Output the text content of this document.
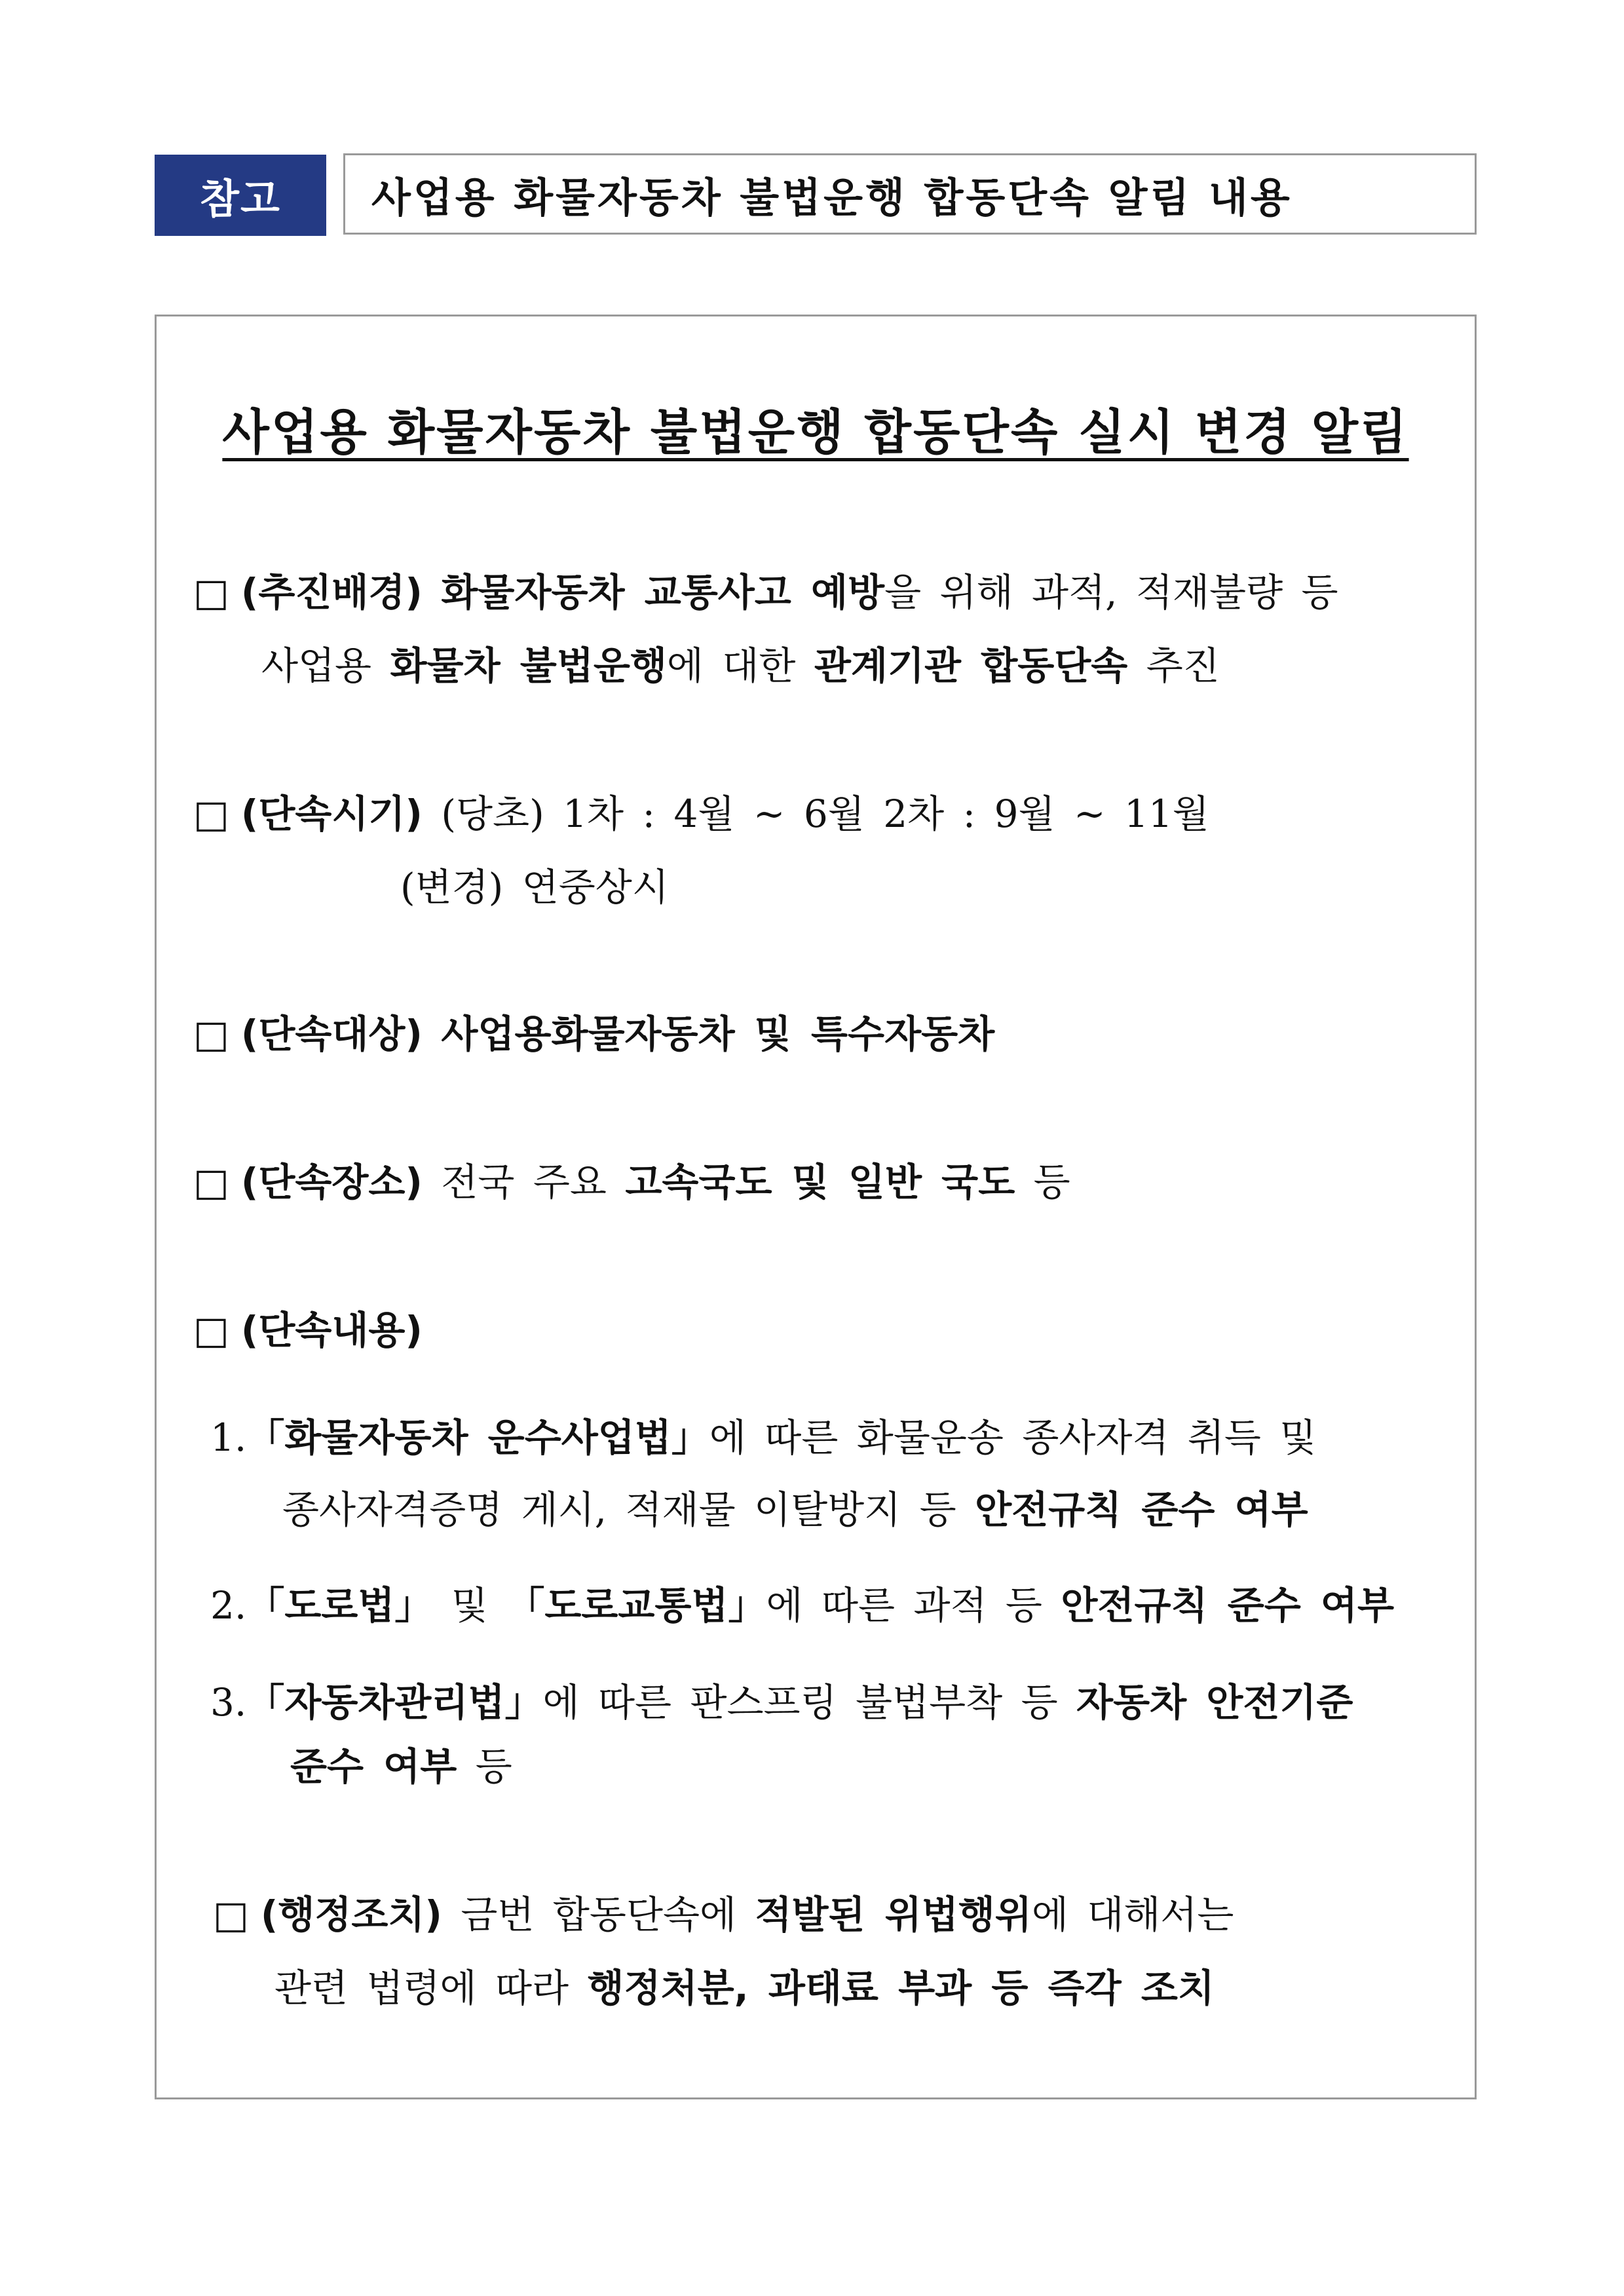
참고	사업용 화물자동차 불법운행 합동단속 알림 내용
사업용 화물자동차 불법운행 합동단속 실시 변경 알림
□ (추진배경) 화물자동차 교통사고 예방을 위해 과적, 적재불량 등
사업용 화물차 불법운행에 대한 관계기관 합동단속 추진
□ (단속시기) (당초) 1차 : 4월 ~ 6월 2차 : 9월 ~ 11월
(변경) 연중상시
□ (단속대상) 사업용화물자동차 및 특수자동차
□ (단속장소) 전국 주요 고속국도 및 일반 국도 등
□ (단속내용)
1.「화물자동차 운수사업법」에 따른 화물운송 종사자격 취득 및
종사자격증명 게시, 적재물 이탈방지 등 안전규칙 준수 여부
2.「도로법」 및 「도로교통법」에 따른 과적 등 안전규칙 준수 여부
3.「자동차관리법」에 따른 판스프링 불법부착 등 자동차 안전기준
준수 여부 등
□ (행정조치) 금번 합동단속에 적발된 위법행위에 대해서는
관련 법령에 따라 행정처분, 과태료 부과 등 즉각 조치
